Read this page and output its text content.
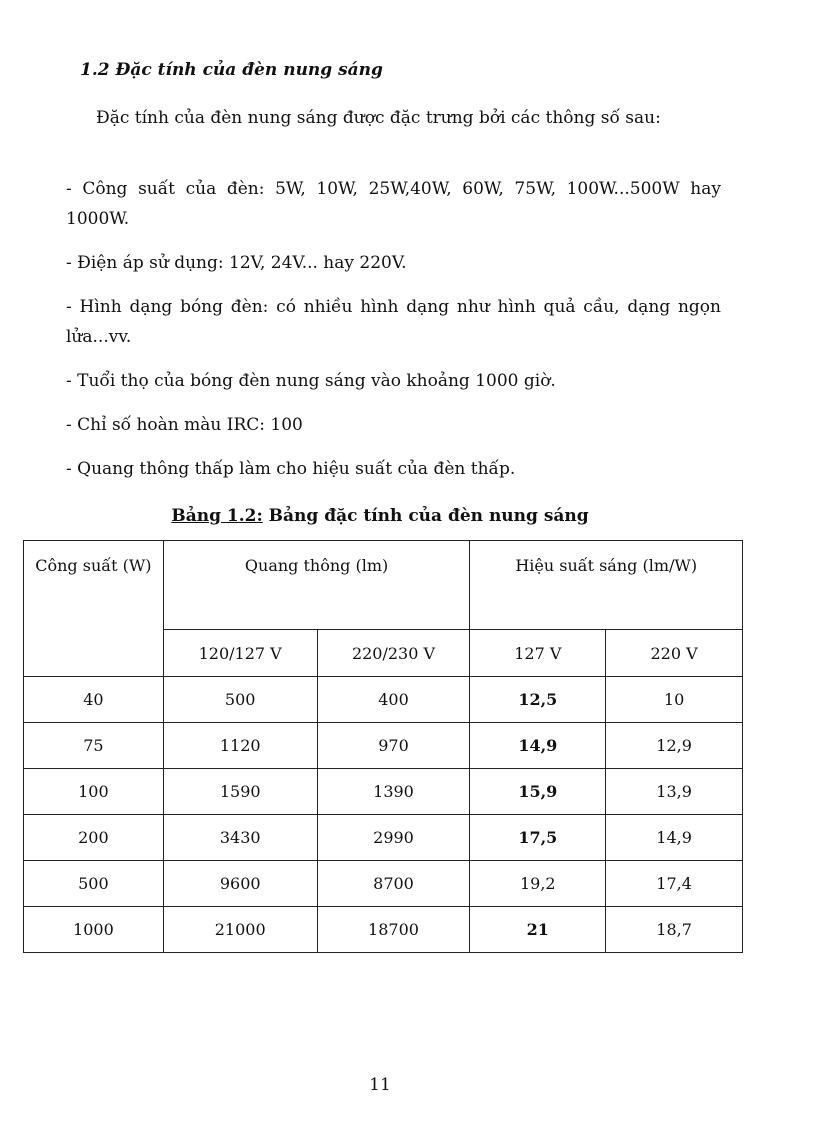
1.2 Đặc tính của đèn nung sáng
Đặc tính của đèn nung sáng được đặc trưng bởi các thông số sau:
- Công suất của đèn: 5W, 10W, 25W,40W, 60W, 75W, 100W...500W hay 1000W.
- Điện áp sử dụng: 12V, 24V... hay 220V.
- Hình dạng bóng đèn: có nhiều hình dạng như hình quả cầu, dạng ngọn lửa...vv.
- Tuổi thọ của bóng đèn nung sáng vào khoảng 1000 giờ.
- Chỉ số hoàn màu IRC: 100
- Quang thông thấp làm cho hiệu suất của đèn thấp.
Bảng 1.2: Bảng đặc tính của đèn nung sáng
Công suất (W)	Quang thông (lm)		Hiệu suất sáng (lm/W)	
	120/127 V	220/230 V	127 V	220 V
40	500	400	12,5	10
75	1120	970	14,9	12,9
100	1590	1390	15,9	13,9
200	3430	2990	17,5	14,9
500	9600	8700	19,2	17,4
1000	21000	18700	21	18,7
11
